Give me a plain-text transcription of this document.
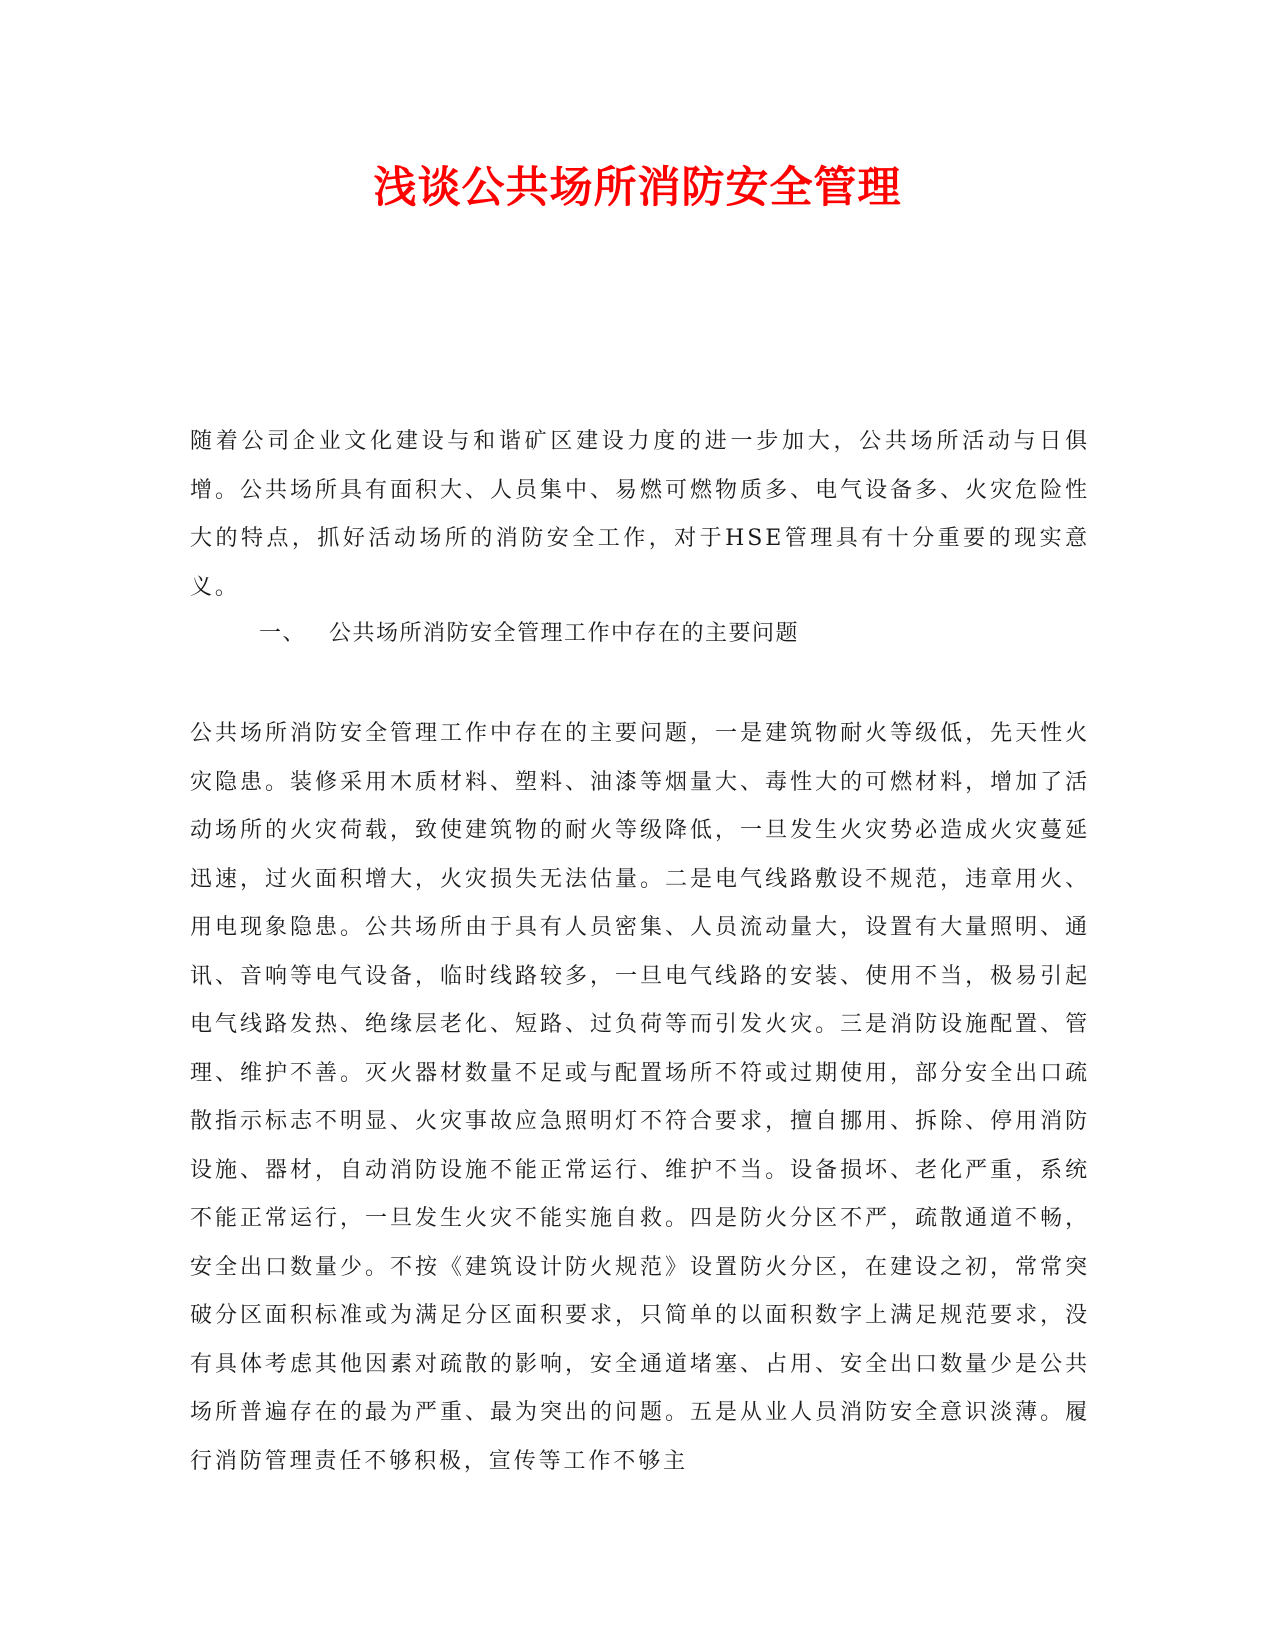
浅谈公共场所消防安全管理

随着公司企业文化建设与和谐矿区建设力度的进一步加大，公共场所活动与日俱增。公共场所具有面积大、人员集中、易燃可燃物质多、电气设备多、火灾危险性大的特点，抓好活动场所的消防安全工作，对于HSE管理具有十分重要的现实意义。

一、 公共场所消防安全管理工作中存在的主要问题

公共场所消防安全管理工作中存在的主要问题，一是建筑物耐火等级低，先天性火灾隐患。装修采用木质材料、塑料、油漆等烟量大、毒性大的可燃材料，增加了活动场所的火灾荷载，致使建筑物的耐火等级降低，一旦发生火灾势必造成火灾蔓延迅速，过火面积增大，火灾损失无法估量。二是电气线路敷设不规范，违章用火、用电现象隐患。公共场所由于具有人员密集、人员流动量大，设置有大量照明、通讯、音响等电气设备，临时线路较多，一旦电气线路的安装、使用不当，极易引起电气线路发热、绝缘层老化、短路、过负荷等而引发火灾。三是消防设施配置、管理、维护不善。灭火器材数量不足或与配置场所不符或过期使用，部分安全出口疏散指示标志不明显、火灾事故应急照明灯不符合要求，擅自挪用、拆除、停用消防设施、器材，自动消防设施不能正常运行、维护不当。设备损坏、老化严重，系统不能正常运行，一旦发生火灾不能实施自救。四是防火分区不严，疏散通道不畅，安全出口数量少。不按《建筑设计防火规范》设置防火分区，在建设之初，常常突破分区面积标准或为满足分区面积要求，只简单的以面积数字上满足规范要求，没有具体考虑其他因素对疏散的影响，安全通道堵塞、占用、安全出口数量少是公共场所普遍存在的最为严重、最为突出的问题。五是从业人员消防安全意识淡薄。履行消防管理责任不够积极，宣传等工作不够主
